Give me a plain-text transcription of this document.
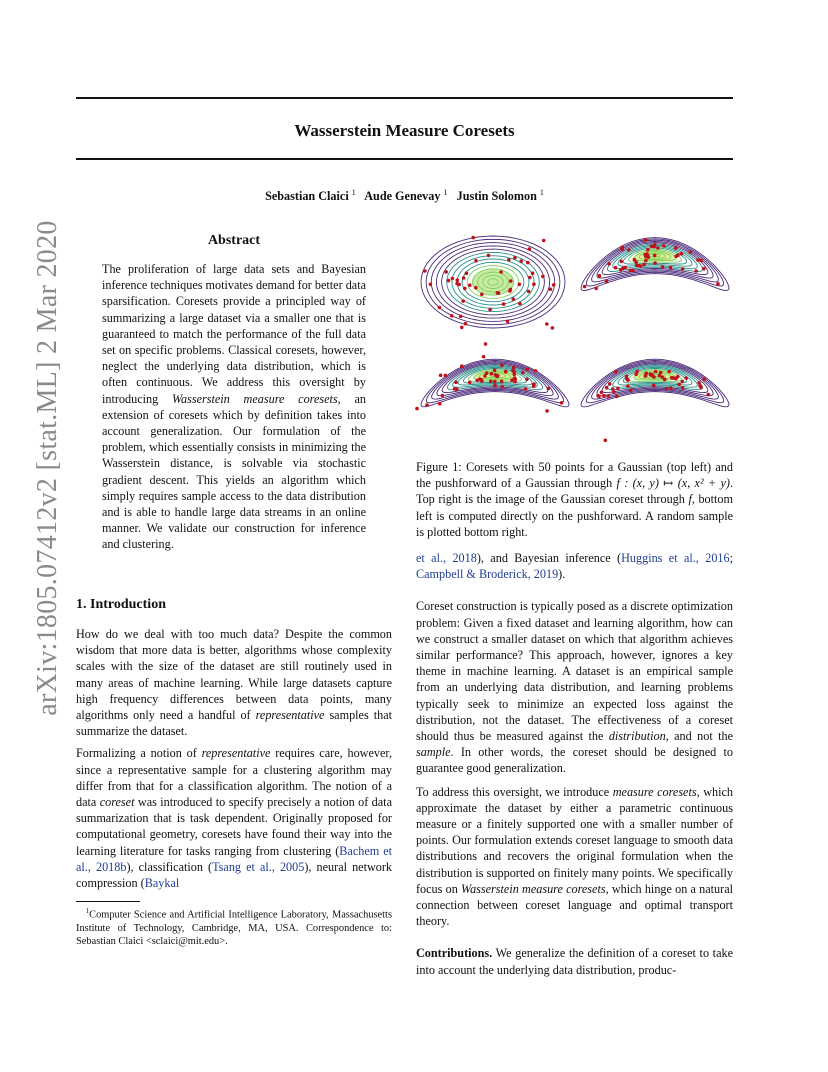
arXiv:1805.07412v2 [stat.ML] 2 Mar 2020
Wasserstein Measure Coresets
Sebastian Claici $^1$ Aude Genevay $^1$ Justin Solomon $^1$
Abstract
The proliferation of large data sets and Bayesian inference techniques motivates demand for better data sparsification. Coresets provide a principled way of summarizing a large dataset via a smaller one that is guaranteed to match the performance of the full data set on specific problems. Classical coresets, however, neglect the underlying data distribution, which is often continuous. We address this oversight by introducing Wasserstein measure coresets, an extension of coresets which by definition takes into account generalization. Our formulation of the problem, which essentially consists in minimizing the Wasserstein distance, is solvable via stochastic gradient descent. This yields an algorithm which simply requires sample access to the data distribution and is able to handle large data streams in an online manner. We validate our construction for inference and clustering.
1. Introduction

How do we deal with too much data? Despite the common wisdom that more data is better, algorithms whose complexity scales with the size of the dataset are still routinely used in many areas of machine learning. While large datasets capture high frequency differences between data points, many algorithms only need a handful of representative samples that summarize the dataset.

Formalizing a notion of representative requires care, however, since a representative sample for a clustering algorithm may differ from that for a classification algorithm. The notion of a data coreset was introduced to specify precisely a notion of data summarization that is task dependent. Originally proposed for computational geometry, coresets have found their way into the learning literature for tasks ranging from clustering (Bachem et al., 2018b), classification (Tsang et al., 2005), neural network compression (Baykal

$^1$Computer Science and Artificial Intelligence Laboratory, Massachusetts Institute of Technology, Cambridge, MA, USA. Correspondence to: Sebastian Claici <sclaici@mit.edu>.
Figure 1: Coresets with 50 points for a Gaussian (top left) and the pushforward of a Gaussian through f : (x, y) ↦ (x, x² + y). Top right is the image of the Gaussian coreset through f, bottom left is computed directly on the pushforward. A random sample is plotted bottom right.

et al., 2018), and Bayesian inference (Huggins et al., 2016; Campbell & Broderick, 2019).

Coreset construction is typically posed as a discrete optimization problem: Given a fixed dataset and learning algorithm, how can we construct a smaller dataset on which that algorithm achieves similar performance? This approach, however, ignores a key theme in machine learning. A dataset is an empirical sample from an underlying data distribution, and learning problems typically seek to minimize an expected loss against the distribution, not the dataset. The effectiveness of a coreset should thus be measured against the distribution, and not the sample. In other words, the coreset should be designed to guarantee good generalization.

To address this oversight, we introduce measure coresets, which approximate the dataset by either a parametric continuous measure or a finitely supported one with a smaller number of points. Our formulation extends coreset language to smooth data distributions and recovers the original formulation when the distribution is supported on finitely many points. We specifically focus on Wasserstein measure coresets, which hinge on a natural connection between coreset language and optimal transport theory.

Contributions. We generalize the definition of a coreset to take into account the underlying data distribution, produc-
